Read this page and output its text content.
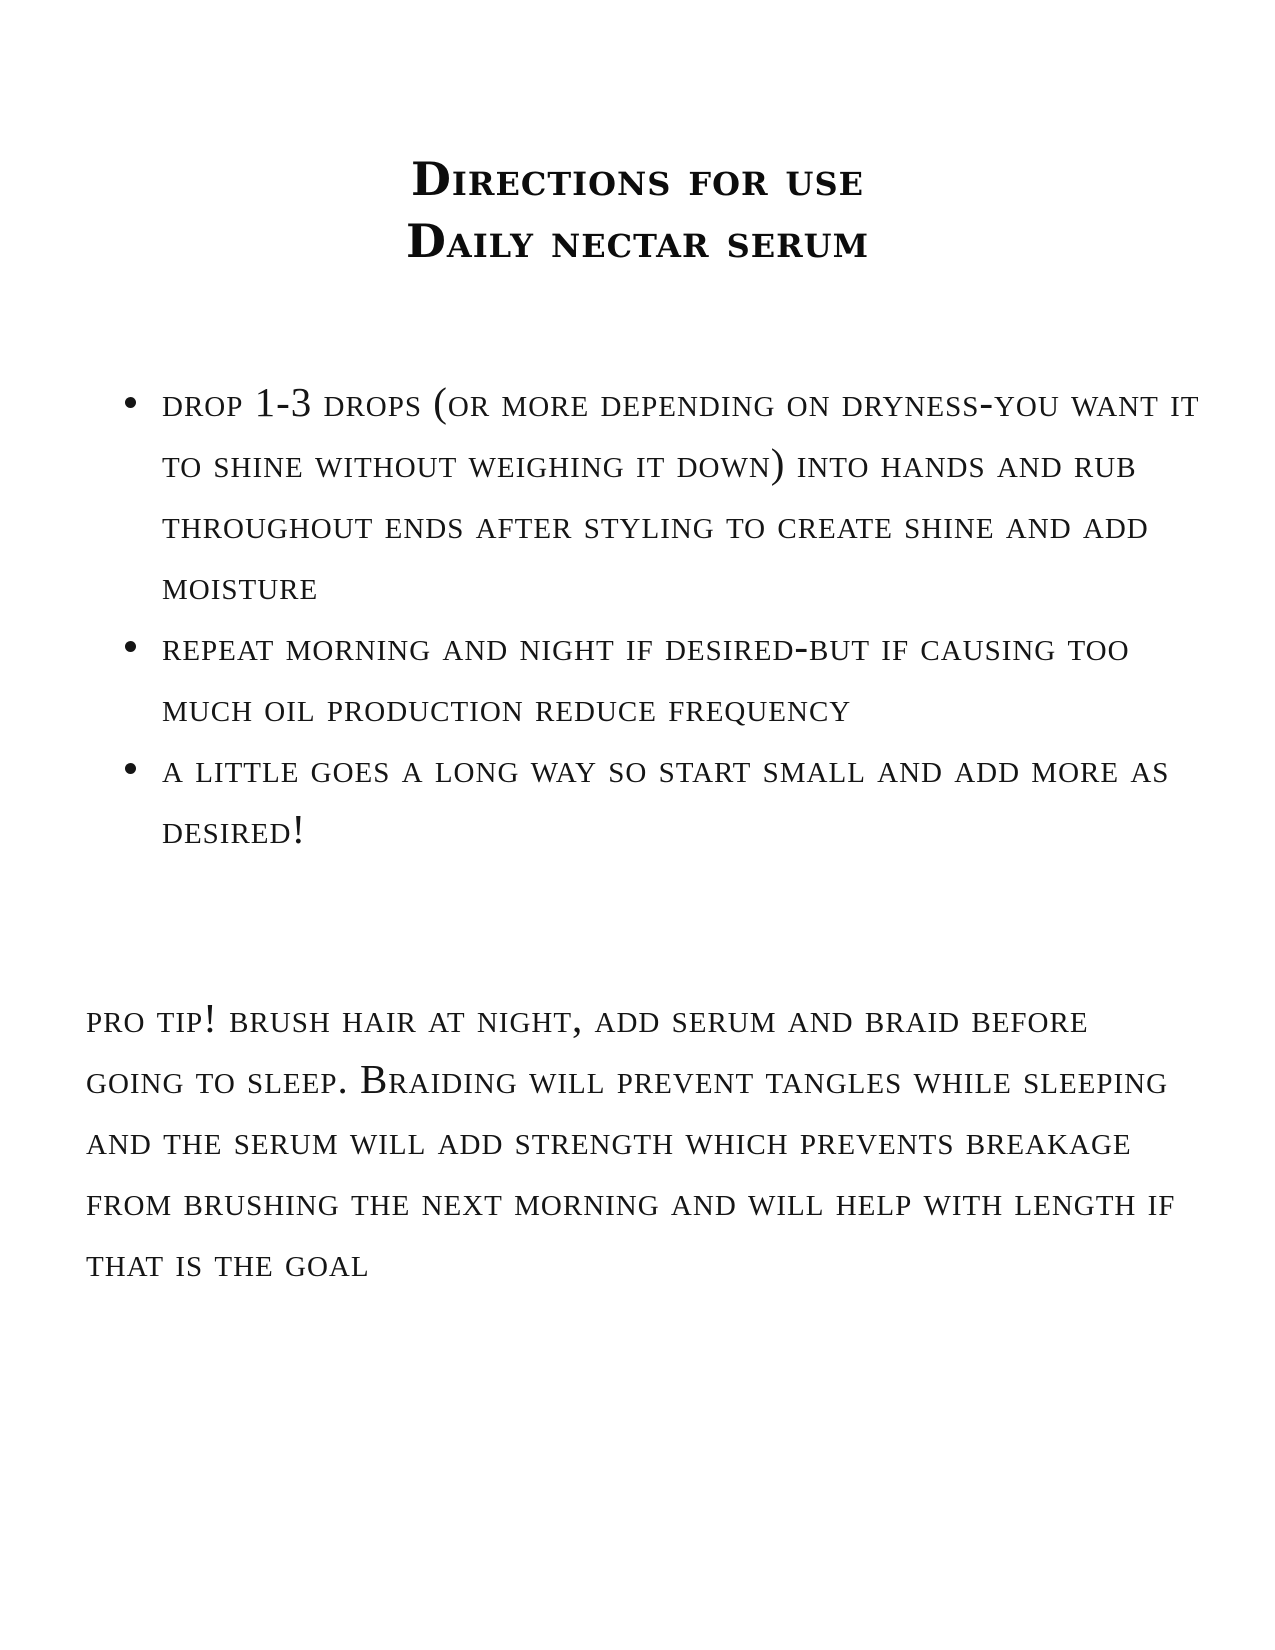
Directions for use
Daily nectar serum
drop 1-3 drops (or more depending on dryness-you want it to shine without weighing it down) into hands and rub throughout ends after styling to create shine and add moisture
repeat morning and night if desired-but if causing too much oil production reduce frequency
a little goes a long way so start small and add more as desired!

pro tip! brush hair at night, add serum and braid before going to sleep. Braiding will prevent tangles while sleeping and the serum will add strength which prevents breakage from brushing the next morning and will help with length if that is the goal
